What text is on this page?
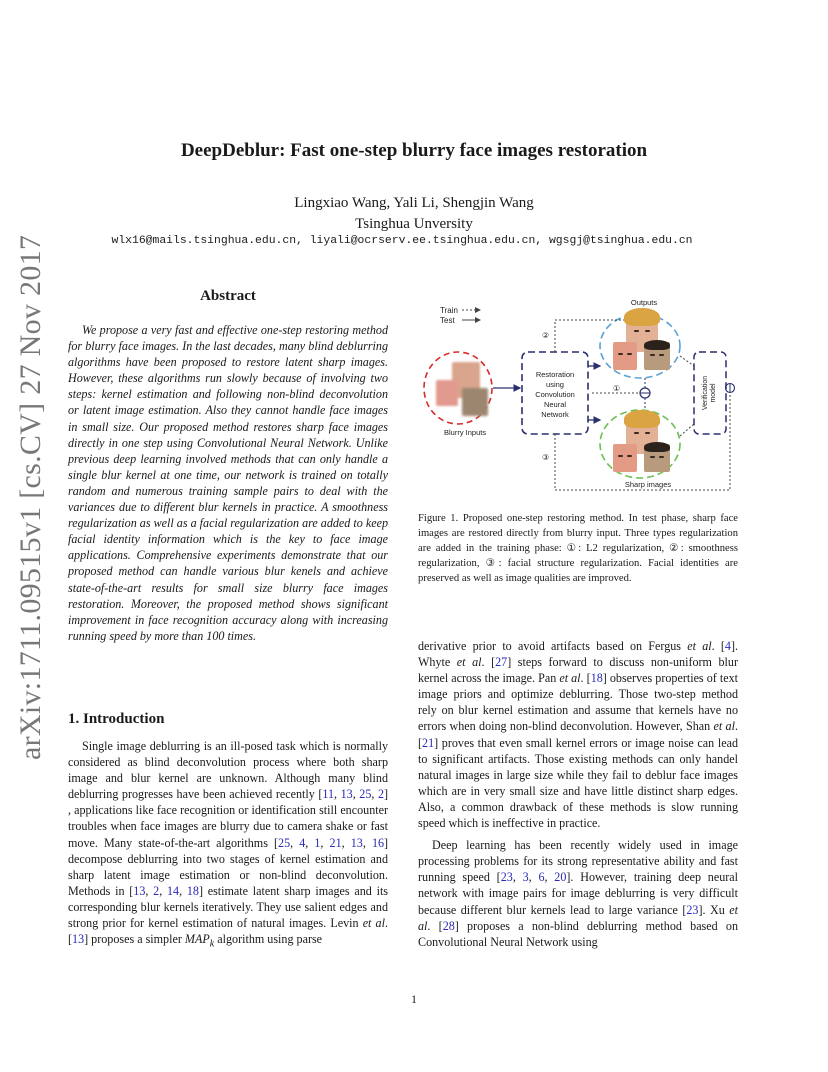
DeepDeblur: Fast one-step blurry face images restoration
Lingxiao Wang, Yali Li, Shengjin Wang
Tsinghua Unversity
wlx16@mails.tsinghua.edu.cn, liyali@ocrserv.ee.tsinghua.edu.cn, wgsgj@tsinghua.edu.cn
arXiv:1711.09515v1 [cs.CV] 27 Nov 2017	Abstract
We propose a very fast and effective one-step restoring method for blurry face images. In the last decades, many blind deblurring algorithms have been proposed to restore latent sharp images. However, these algorithms run slowly because of involving two steps: kernel estimation and following non-blind deconvolution or latent image estimation. Also they cannot handle face images in small size. Our proposed method restores sharp face images directly in one step using Convolutional Neural Network. Unlike previous deep learning involved methods that can only handle a single blur kernel at one time, our network is trained on totally random and numerous training sample pairs to deal with the variances due to different blur kernels in practice. A smoothness regularization as well as a facial regularization are added to keep facial identity information which is the key to face image applications. Comprehensive experiments demonstrate that our proposed method can handle various blur kenels and achieve state-of-the-art results for small size blurry face images restoration. Moreover, the proposed method shows significant improvement in face recognition accuracy along with increasing running speed by more than 100 times.
1. Introduction

Single image deblurring is an ill-posed task which is normally considered as blind deconvolution process where both sharp image and blur kernel are unknown. Although many blind deblurring progresses have been achieved recently [11, 13, 25, 2] , applications like face recognition or identification still encounter troubles when face images are blurry due to camera shake or fast move. Many state-of-the-art algorithms [25, 4, 1, 21, 13, 16] decompose deblurring into two stages of kernel estimation and sharp latent image estimation or non-blind deconvolution. Methods in [13, 2, 14, 18] estimate latent sharp images and its corresponding blur kernels iteratively. They use salient edges and strong prior for kernel estimation of natural images. Levin et al. [13] proposes a simpler $MAP_k$ algorithm using parse

Train
Test
Blurry Inputs
Restoration
using
Convolution
Neural
Network
Outputs
Sharp images
①	Verification model
②
③
Figure 1. Proposed one-step restoring method. In test phase, sharp face images are restored directly from blurry input. Three types regularization are added in the training phase: ①: L2 regularization, ②: smoothness regularization, ③: facial structure regularization. Facial identities are preserved as well as image qualities are improved.

derivative prior to avoid artifacts based on Fergus et al. [4]. Whyte et al. [27] steps forward to discuss non-uniform blur kernel across the image. Pan et al. [18] observes properties of text image priors and optimize deblurring. Those two-step method rely on blur kernel estimation and assume that kernels have no errors when doing non-blind deconvolution. However, Shan et al. [21] proves that even small kernel errors or image noise can lead to significant artifacts. Those existing methods can only handel natural images in large size while they fail to deblur face images which are in very small size and have little distinct sharp edges. Also, a common drawback of these methods is slow running speed which is ineffective in practice.

Deep learning has been recently widely used in image processing problems for its strong representative ability and fast running speed [23, 3, 6, 20]. However, training deep neural network with image pairs for image deblurring is very difficult because different blur kernels lead to large variance [23]. Xu et al. [28] proposes a non-blind deblurring method based on Convolutional Neural Network using

1
